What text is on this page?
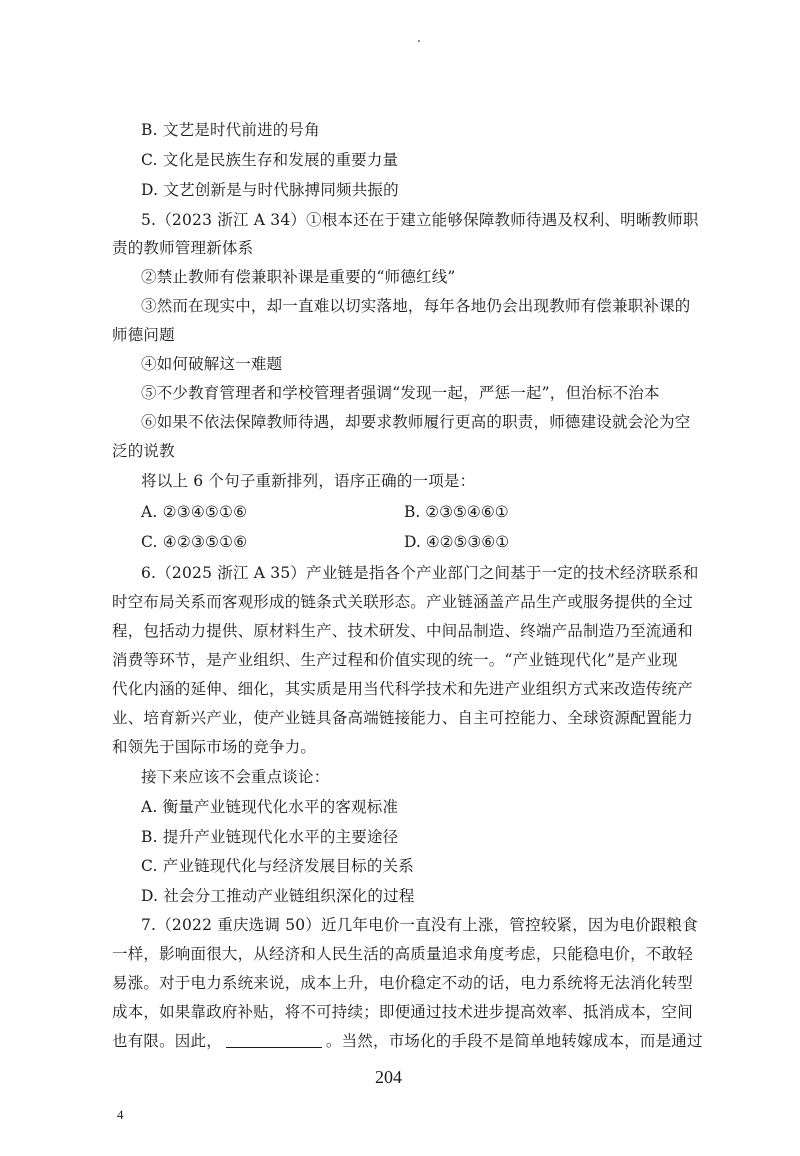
B. 文艺是时代前进的号角
C. 文化是民族生存和发展的重要力量
D. 文艺创新是与时代脉搏同频共振的
5.（2023 浙江 A 34）①根本还在于建立能够保障教师待遇及权利、明晰教师职
责的教师管理新体系
②禁止教师有偿兼职补课是重要的“师德红线”
③然而在现实中，却一直难以切实落地，每年各地仍会出现教师有偿兼职补课的
师德问题
④如何破解这一难题
⑤不少教育管理者和学校管理者强调“发现一起，严惩一起”，但治标不治本
⑥如果不依法保障教师待遇，却要求教师履行更高的职责，师德建设就会沦为空
泛的说教
将以上 6 个句子重新排列，语序正确的一项是：
A. ②③④⑤①⑥	B. ②③⑤④⑥①
C. ④②③⑤①⑥	D. ④②⑤③⑥①
6.（2025 浙江 A 35）产业链是指各个产业部门之间基于一定的技术经济联系和
时空布局关系而客观形成的链条式关联形态。产业链涵盖产品生产或服务提供的全过
程，包括动力提供、原材料生产、技术研发、中间品制造、终端产品制造乃至流通和
消费等环节，是产业组织、生产过程和价值实现的统一。“产业链现代化”是产业现
代化内涵的延伸、细化，其实质是用当代科学技术和先进产业组织方式来改造传统产
业、培育新兴产业，使产业链具备高端链接能力、自主可控能力、全球资源配置能力
和领先于国际市场的竞争力。
接下来应该不会重点谈论：
A. 衡量产业链现代化水平的客观标准
B. 提升产业链现代化水平的主要途径
C. 产业链现代化与经济发展目标的关系
D. 社会分工推动产业链组织深化的过程
7.（2022 重庆选调 50）近几年电价一直没有上涨，管控较紧，因为电价跟粮食
一样，影响面很大，从经济和人民生活的高质量追求角度考虑，只能稳电价，不敢轻
易涨。对于电力系统来说，成本上升，电价稳定不动的话，电力系统将无法消化转型
成本，如果靠政府补贴，将不可持续；即便通过技术进步提高效率、抵消成本，空间
也有限。因此，	。当然，市场化的手段不是简单地转嫁成本，而是通过
204
4
